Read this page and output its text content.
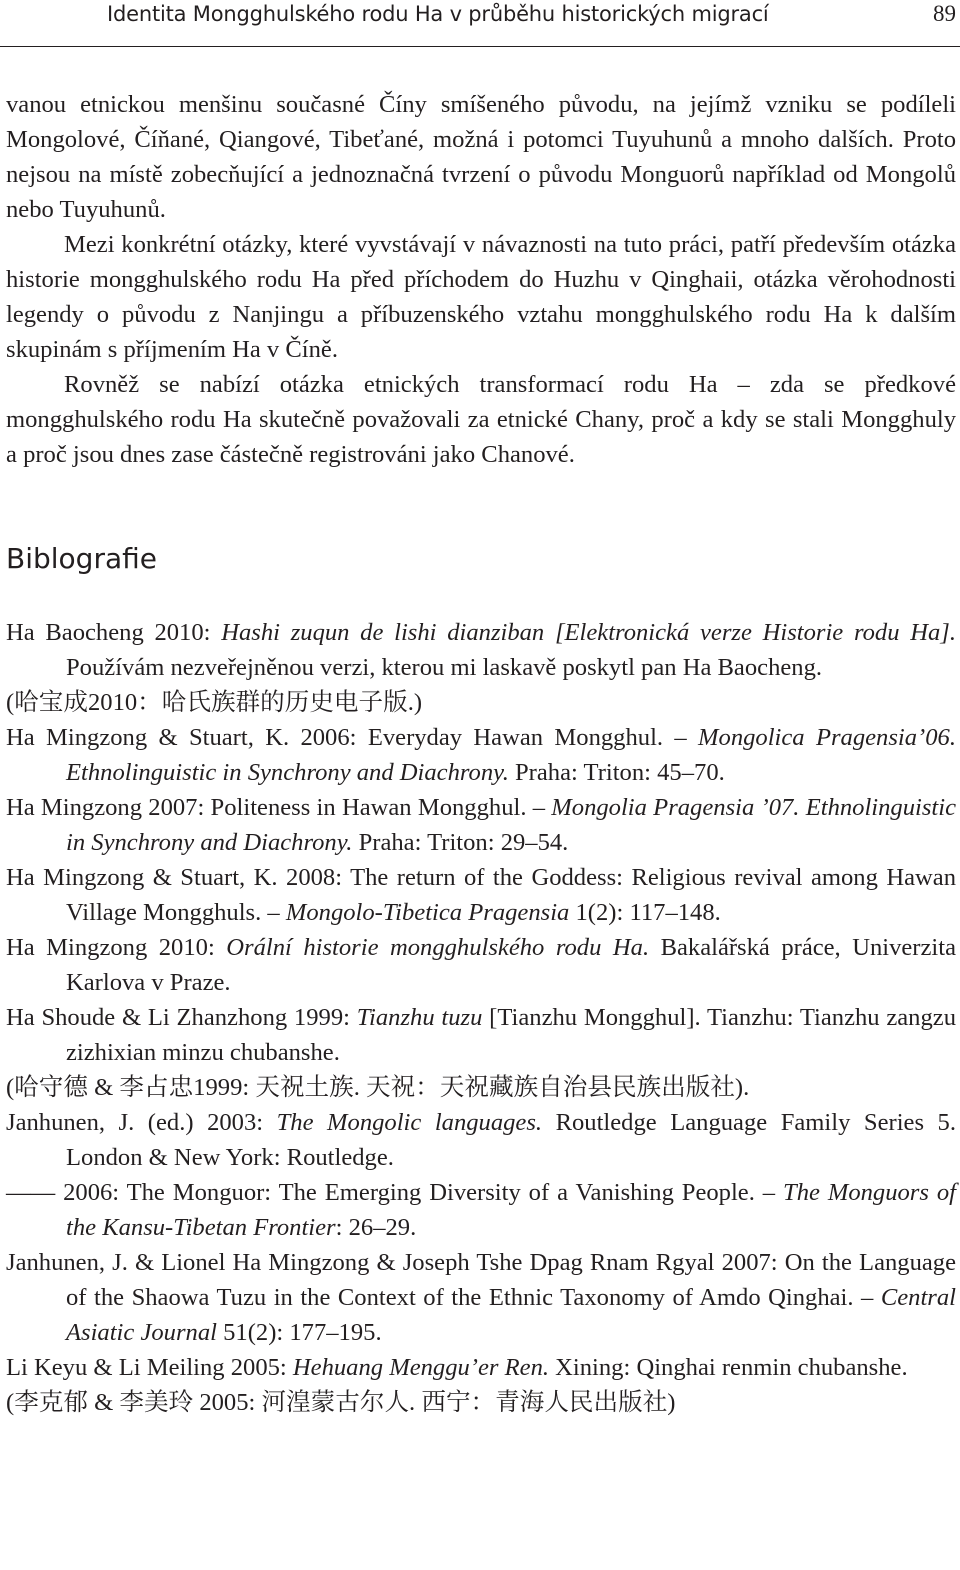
Identita Mongghulského rodu Ha v průběhu historických migrací	89

vanou etnickou menšinu současné Číny smíšeného původu, na jejímž vzniku se podíleli Mongolové, Číňané, Qiangové, Tibeťané, možná i potomci Tuyuhunů a mnoho dalších. Proto nejsou na místě zobecňující a jednoznačná tvrzení o původu Monguorů například od Mongolů nebo Tuyuhunů.

Mezi konkrétní otázky, které vyvstávají v návaznosti na tuto práci, patří především otázka historie mongghulského rodu Ha před příchodem do Huzhu v Qinghaii, otázka věrohodnosti legendy o původu z Nanjingu a příbuzenského vztahu mongghulského rodu Ha k dalším skupinám s příjmením Ha v Číně.

Rovněž se nabízí otázka etnických transformací rodu Ha – zda se předkové mongghulského rodu Ha skutečně považovali za etnické Chany, proč a kdy se stali Mongghuly a proč jsou dnes zase částečně registrováni jako Chanové.

Biblografie

Ha Baocheng 2010: Hashi zuqun de lishi dianziban [Elektronická verze Historie rodu Ha]. Používám nezveřejněnou verzi, kterou mi laskavě poskytl pan Ha Baocheng.

(哈宝成2010：哈氏族群的历史电子版.)

Ha Mingzong & Stuart, K. 2006: Everyday Hawan Mongghul. – Mongolica Pragensia’06. Ethnolinguistic in Synchrony and Diachrony. Praha: Triton: 45–70.

Ha Mingzong 2007: Politeness in Hawan Mongghul. – Mongolia Pragensia ’07. Ethnolinguistic in Synchrony and Diachrony. Praha: Triton: 29–54.

Ha Mingzong & Stuart, K. 2008: The return of the Goddess: Religious revival among Hawan Village Mongghuls. – Mongolo-Tibetica Pragensia 1(2): 117–148.

Ha Mingzong 2010: Orální historie mongghulského rodu Ha. Bakalářská práce, Univerzita Karlova v Praze.

Ha Shoude & Li Zhanzhong 1999: Tianzhu tuzu [Tianzhu Mongghul]. Tianzhu: Tianzhu zangzu zizhixian minzu chubanshe.

(哈守德 & 李占忠1999: 天祝土族. 天祝：天祝藏族自治县民族出版社).

Janhunen, J. (ed.) 2003: The Mongolic languages. Routledge Language Family Series 5. London & New York: Routledge.

—— 2006: The Monguor: The Emerging Diversity of a Vanishing People. – The Monguors of the Kansu-Tibetan Frontier: 26–29.

Janhunen, J. & Lionel Ha Mingzong & Joseph Tshe Dpag Rnam Rgyal 2007: On the Language of the Shaowa Tuzu in the Context of the Ethnic Taxonomy of Amdo Qinghai. – Central Asiatic Journal 51(2): 177–195.

Li Keyu & Li Meiling 2005: Hehuang Menggu’er Ren. Xining: Qinghai renmin chubanshe.

(李克郁 & 李美玲 2005: 河湟蒙古尔人. 西宁：青海人民出版社)
